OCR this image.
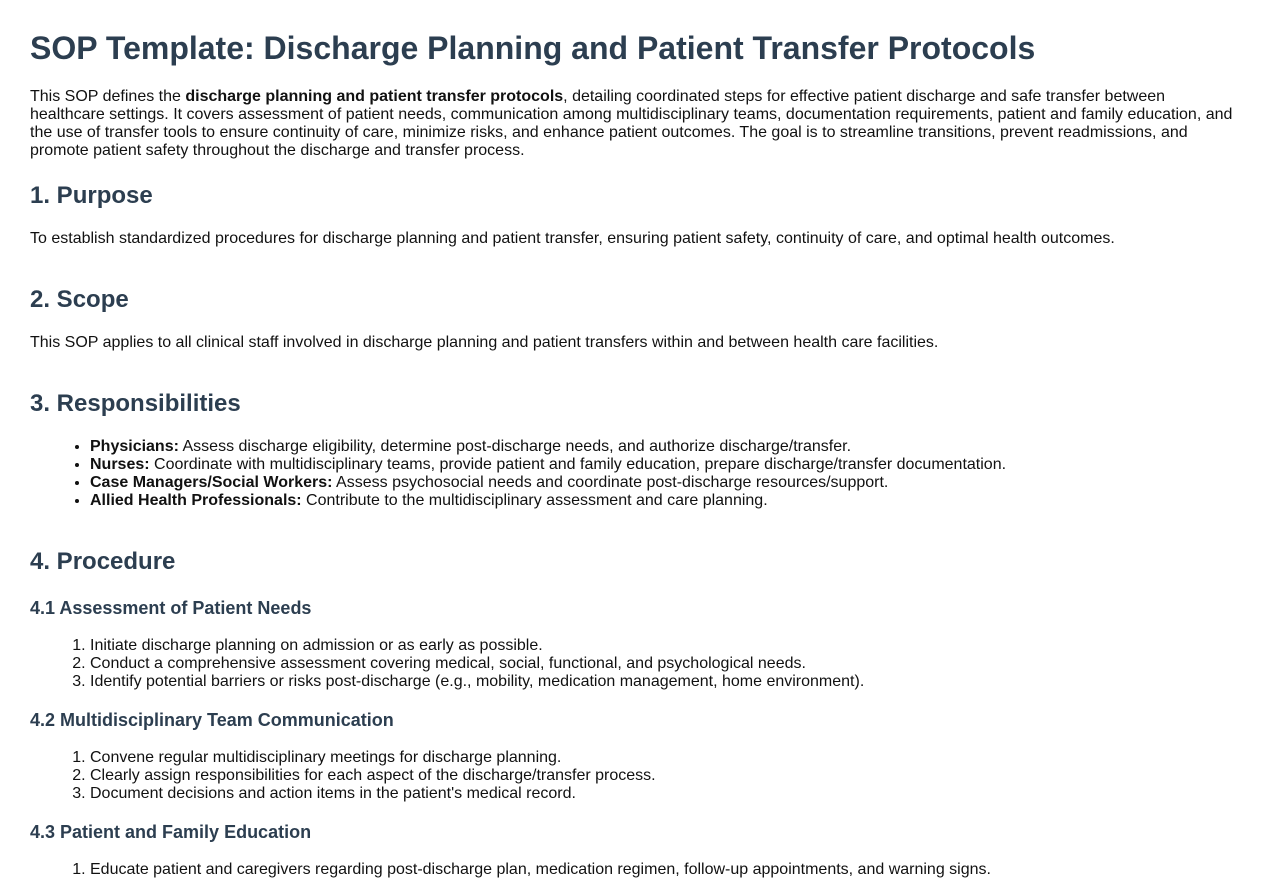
SOP Template: Discharge Planning and Patient Transfer Protocols

This SOP defines the discharge planning and patient transfer protocols, detailing coordinated steps for effective patient discharge and safe transfer between healthcare settings. It covers assessment of patient needs, communication among multidisciplinary teams, documentation requirements, patient and family education, and the use of transfer tools to ensure continuity of care, minimize risks, and enhance patient outcomes. The goal is to streamline transitions, prevent readmissions, and promote patient safety throughout the discharge and transfer process.

1. Purpose

To establish standardized procedures for discharge planning and patient transfer, ensuring patient safety, continuity of care, and optimal health outcomes.

2. Scope

This SOP applies to all clinical staff involved in discharge planning and patient transfers within and between health care facilities.

3. Responsibilities
• Physicians: Assess discharge eligibility, determine post-discharge needs, and authorize discharge/transfer.
• Nurses: Coordinate with multidisciplinary teams, provide patient and family education, prepare discharge/transfer documentation.
• Case Managers/Social Workers: Assess psychosocial needs and coordinate post-discharge resources/support.
• Allied Health Professionals: Contribute to the multidisciplinary assessment and care planning.
4. Procedure
4.1 Assessment of Patient Needs
1. Initiate discharge planning on admission or as early as possible.
2. Conduct a comprehensive assessment covering medical, social, functional, and psychological needs.
3. Identify potential barriers or risks post-discharge (e.g., mobility, medication management, home environment).
4.2 Multidisciplinary Team Communication
1. Convene regular multidisciplinary meetings for discharge planning.
2. Clearly assign responsibilities for each aspect of the discharge/transfer process.
3. Document decisions and action items in the patient's medical record.
4.3 Patient and Family Education
1. Educate patient and caregivers regarding post-discharge plan, medication regimen, follow-up appointments, and warning signs.
